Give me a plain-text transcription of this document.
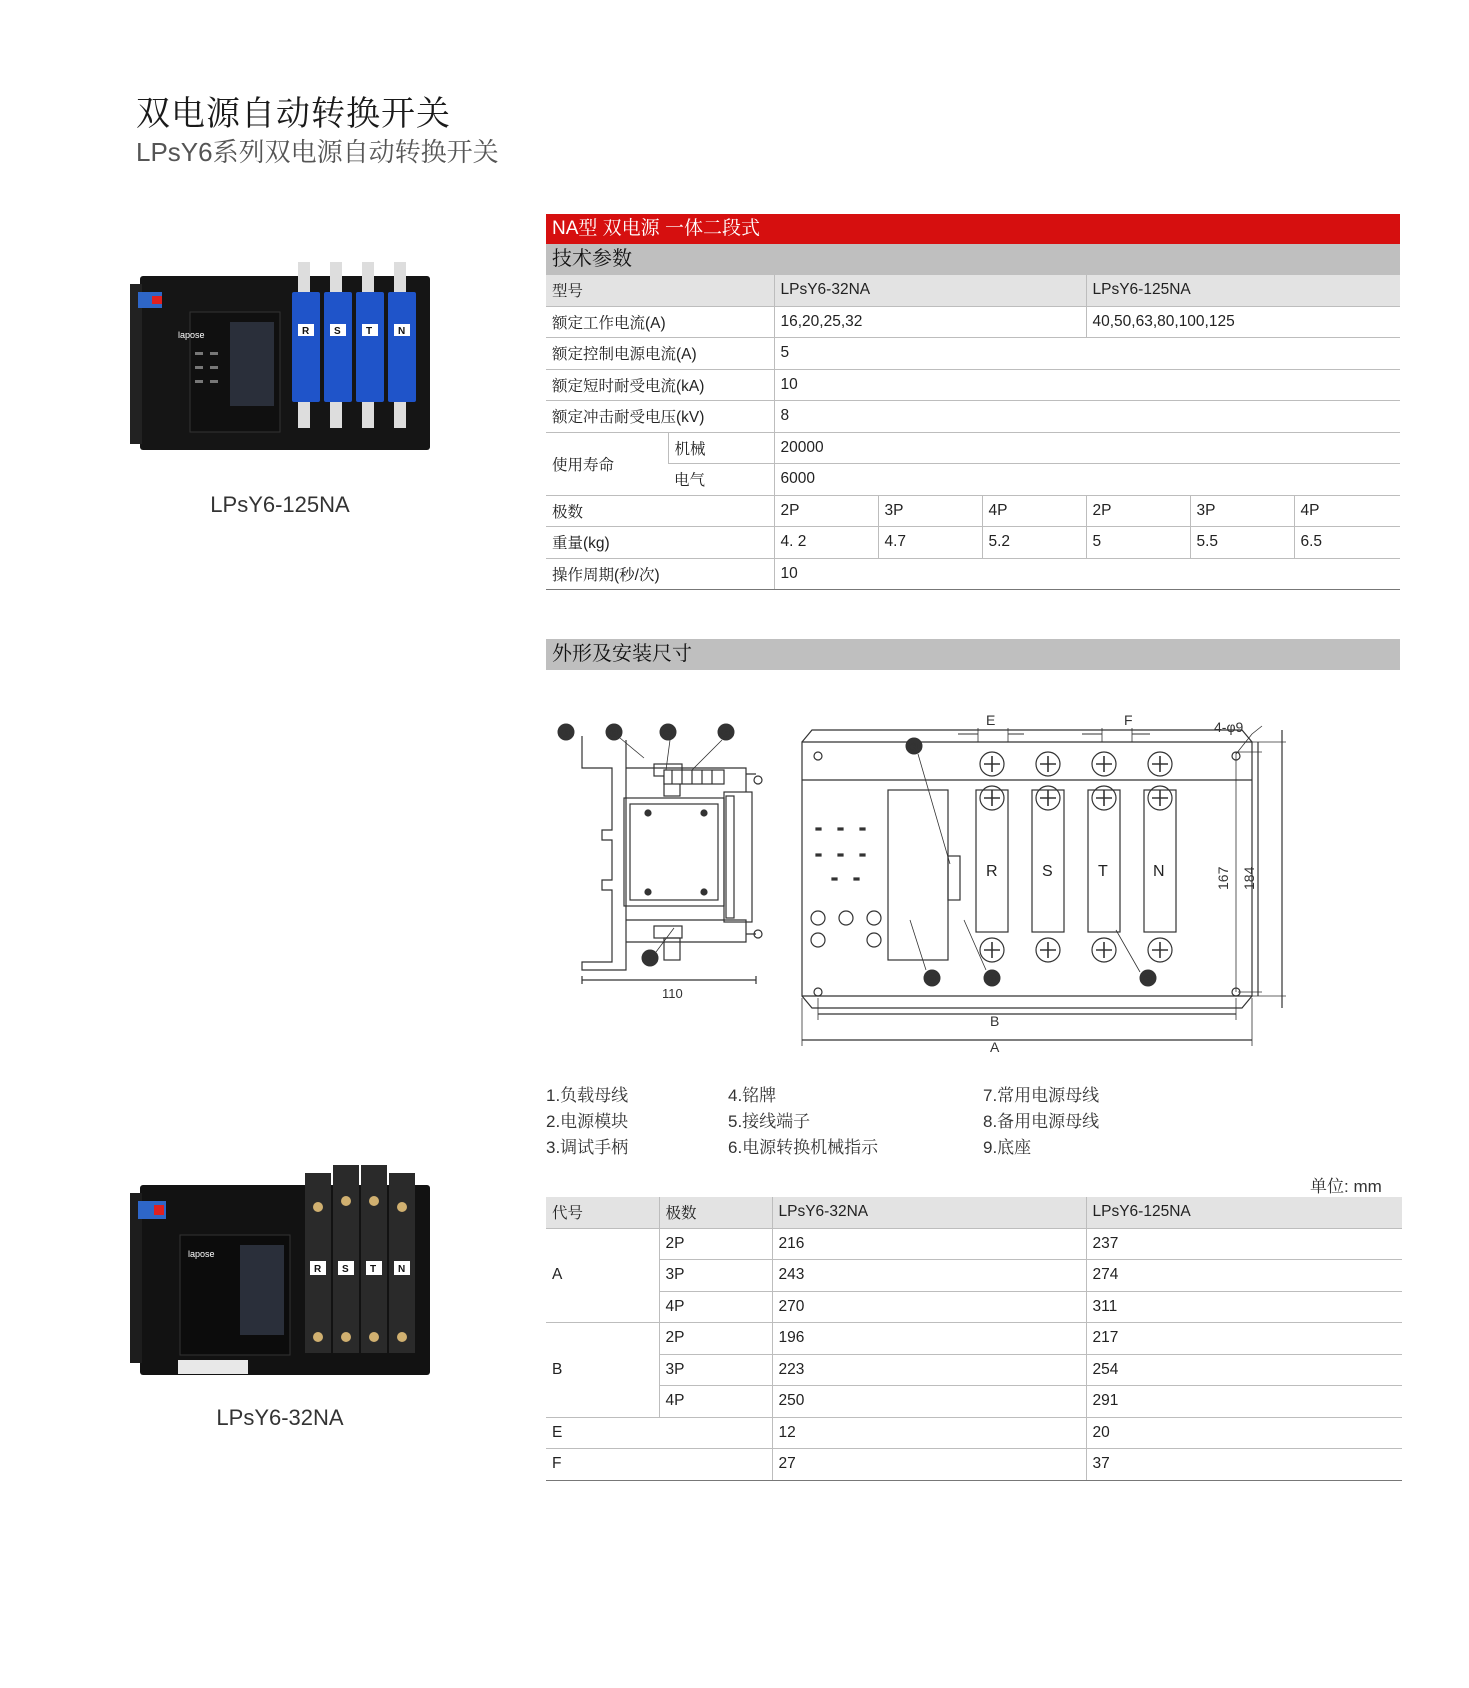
双电源自动转换开关
LPsY6系列双电源自动转换开关
lapose	R S	T	N
LPsY6-125NA
lapose
R S T N
LPsY6-32NA
NA型 双电源 一体二段式
技术参数
型号		LPsY6-32NA			LPsY6-125NA		
额定工作电流(A)		16,20,25,32			40,50,63,80,100,125		
额定控制电源电流(A)		5					
额定短时耐受电流(kA)		10					
额定冲击耐受电压(kV)		8					
使用寿命	机械	20000					
	电气	6000					
极数		2P	3P	4P	2P	3P	4P
重量(kg)		4. 2	4.7	5.2	5	5.5	6.5
操作周期(秒/次)		10					
外形及安装尺寸
110
⑨	⑧	⑦	⑤
①
R	S	T	N
E	F	4-φ9
B
A
167 184
③
④	⑥	②
1.负载母线
2.电源模块
3.调试手柄
4.铭牌
5.接线端子
6.电源转换机械指示
7.常用电源母线
8.备用电源母线
9.底座
单位: mm
代号	极数	LPsY6-32NA	LPsY6-125NA
A	2P	216	237
	3P	243	274
	4P	270	311
B	2P	196	217
	3P	223	254
	4P	250	291
E		12	20
F		27	37
